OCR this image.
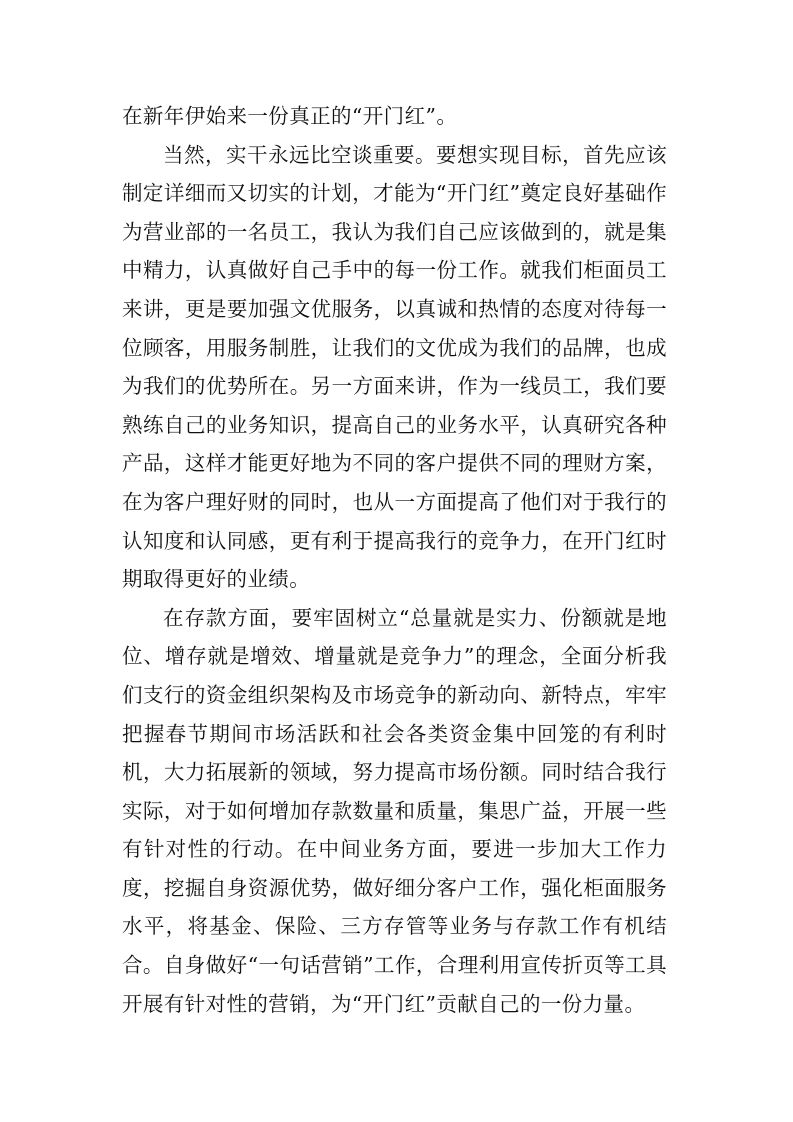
在新年伊始来一份真正的“开门红”。

当然，实干永远比空谈重要。要想实现目标，首先应该制定详细而又切实的计划，才能为“开门红”奠定良好基础作为营业部的一名员工，我认为我们自己应该做到的，就是集中精力，认真做好自己手中的每一份工作。就我们柜面员工来讲，更是要加强文优服务，以真诚和热情的态度对待每一位顾客，用服务制胜，让我们的文优成为我们的品牌，也成为我们的优势所在。另一方面来讲，作为一线员工，我们要熟练自己的业务知识，提高自己的业务水平，认真研究各种产品，这样才能更好地为不同的客户提供不同的理财方案，在为客户理好财的同时，也从一方面提高了他们对于我行的认知度和认同感，更有利于提高我行的竞争力，在开门红时期取得更好的业绩。

在存款方面，要牢固树立“总量就是实力、份额就是地位、增存就是增效、增量就是竞争力”的理念，全面分析我们支行的资金组织架构及市场竞争的新动向、新特点，牢牢把握春节期间市场活跃和社会各类资金集中回笼的有利时机，大力拓展新的领域，努力提高市场份额。同时结合我行实际，对于如何增加存款数量和质量，集思广益，开展一些有针对性的行动。在中间业务方面，要进一步加大工作力度，挖掘自身资源优势，做好细分客户工作，强化柜面服务水平，将基金、保险、三方存管等业务与存款工作有机结合。自身做好“一句话营销”工作，合理利用宣传折页等工具开展有针对性的营销，为“开门红”贡献自己的一份力量。
